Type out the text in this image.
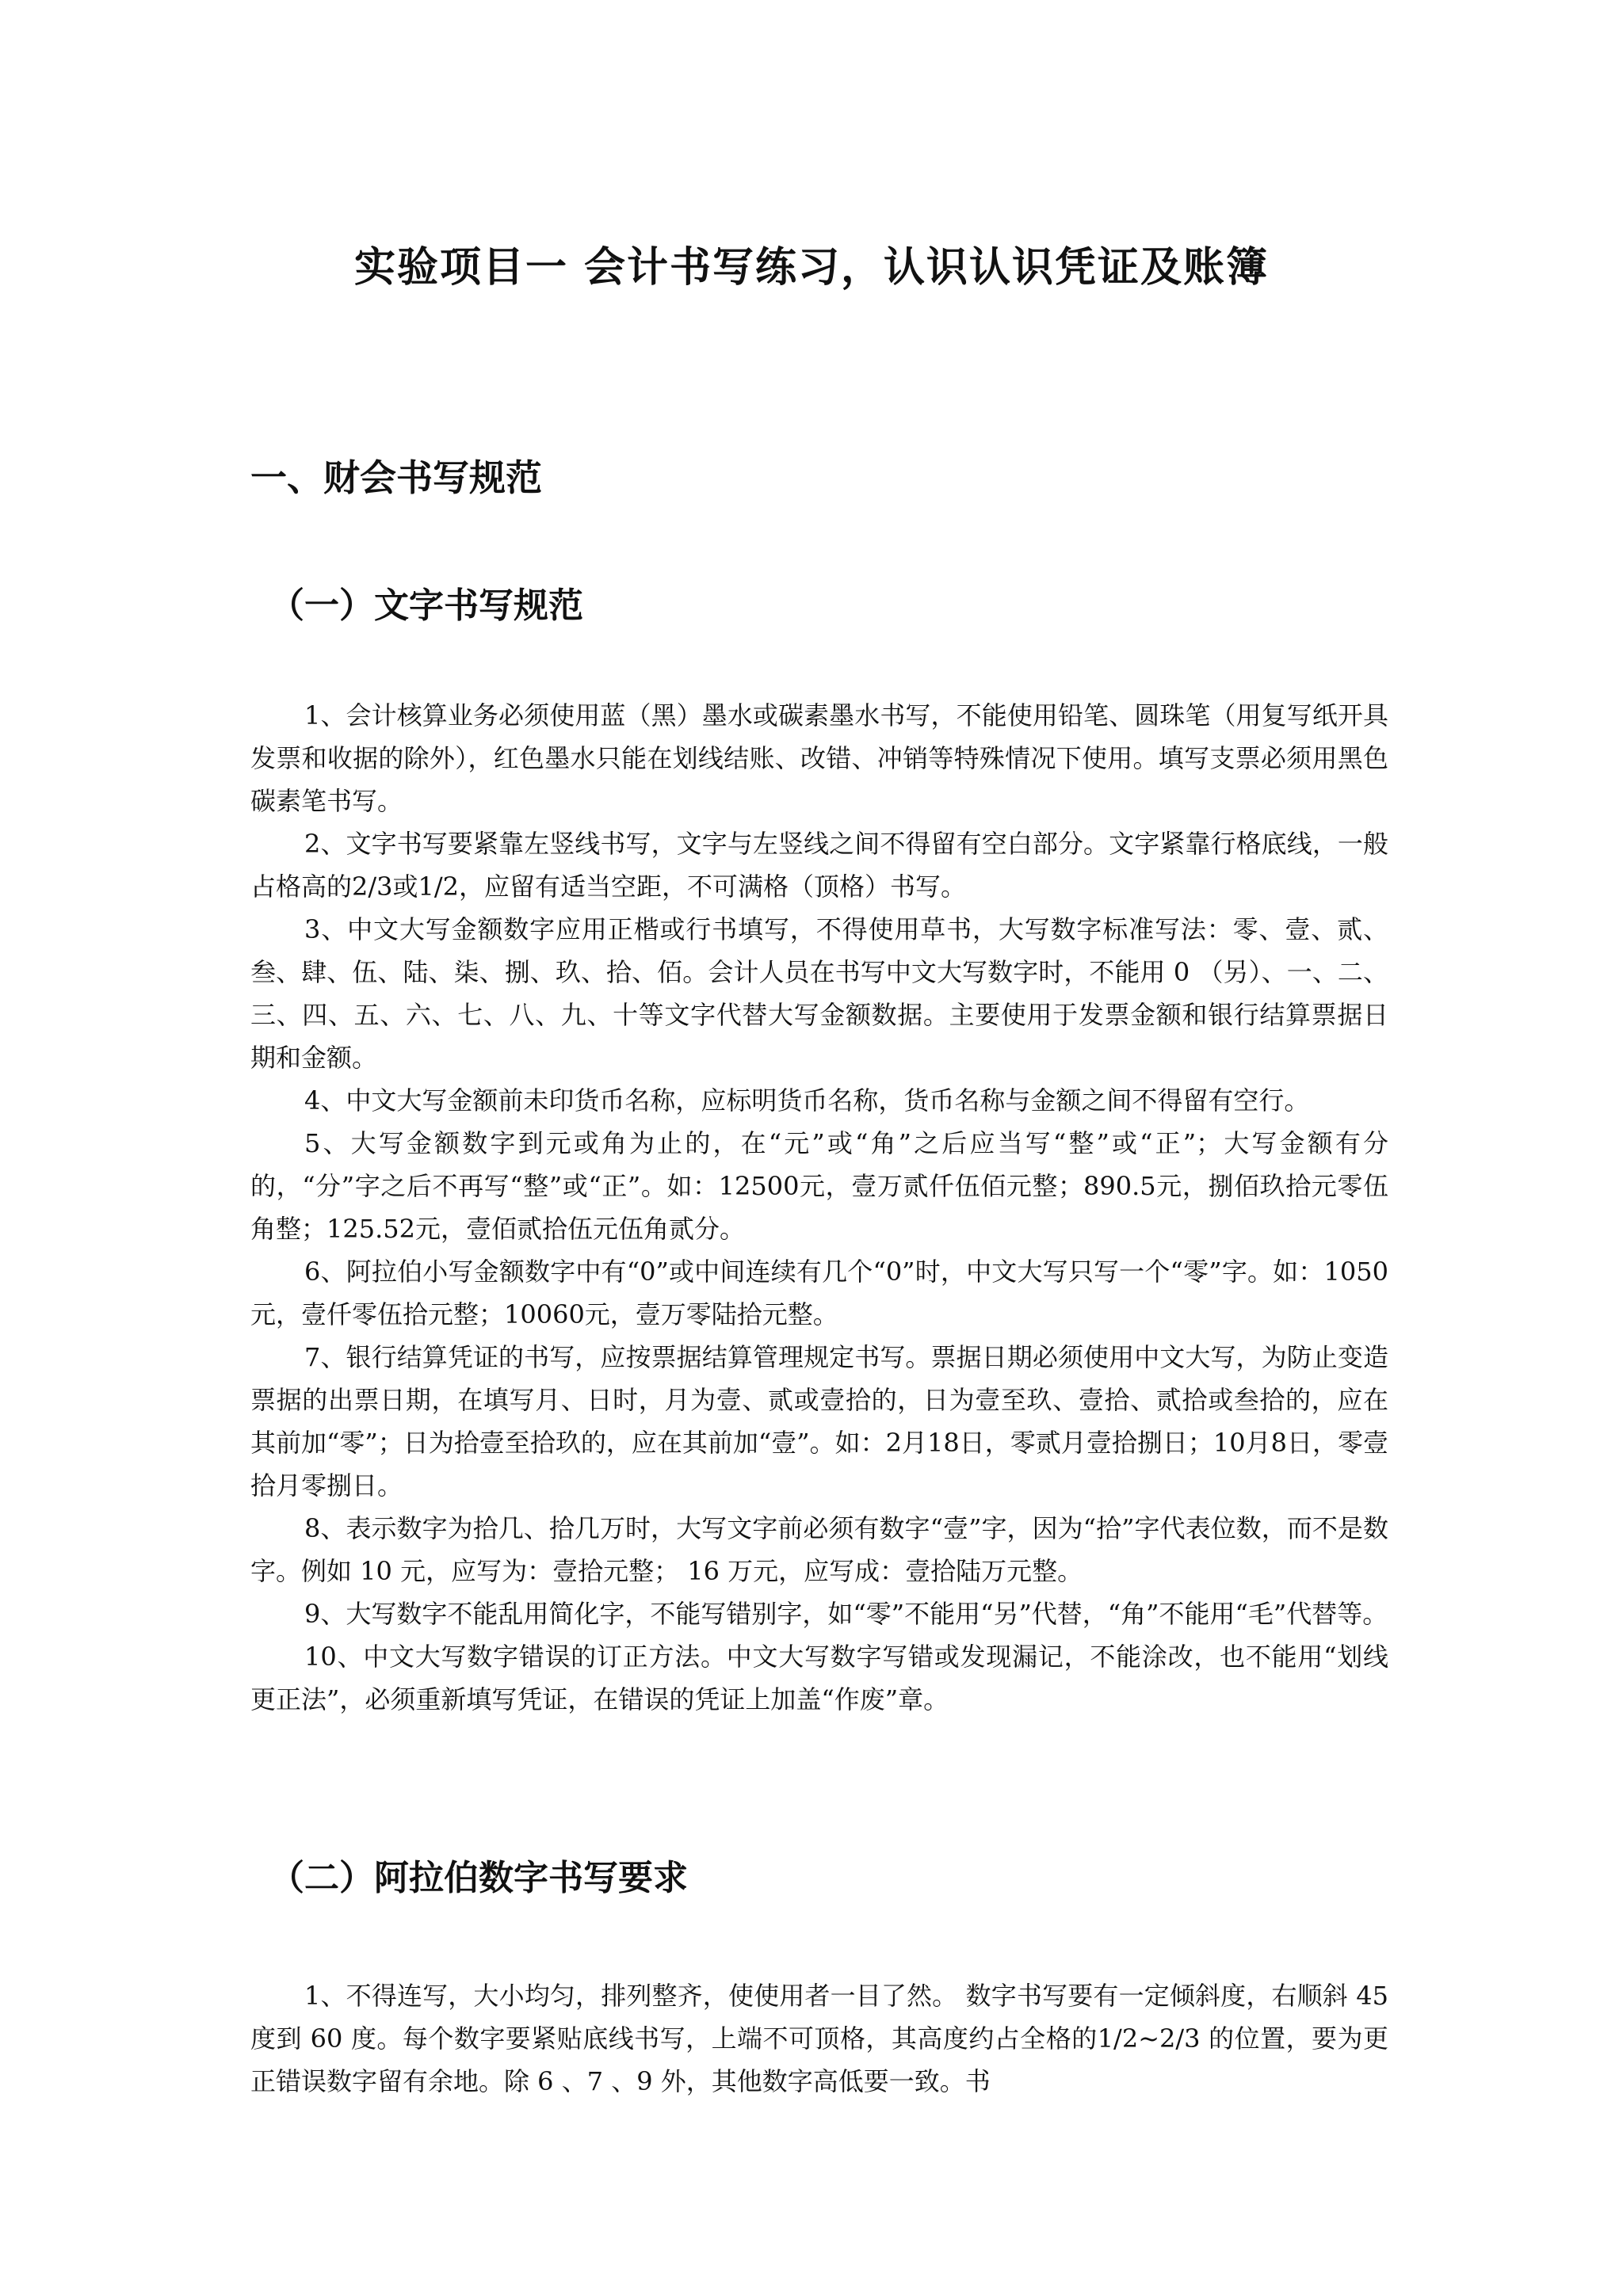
实验项目一 会计书写练习，认识认识凭证及账簿
一、财会书写规范
（一）文字书写规范

1、会计核算业务必须使用蓝（黑）墨水或碳素墨水书写，不能使用铅笔、圆珠笔（用复写纸开具发票和收据的除外），红色墨水只能在划线结账、改错、冲销等特殊情况下使用。填写支票必须用黑色碳素笔书写。

2、文字书写要紧靠左竖线书写，文字与左竖线之间不得留有空白部分。文字紧靠行格底线，一般占格高的2/3或1/2，应留有适当空距，不可满格（顶格）书写。

3、中文大写金额数字应用正楷或行书填写，不得使用草书，大写数字标准写法：零、壹、贰、叁、肆、伍、陆、柒、捌、玖、拾、佰。会计人员在书写中文大写数字时，不能用 0 （另）、一、二、三、四、五、六、七、八、九、十等文字代替大写金额数据。主要使用于发票金额和银行结算票据日期和金额。

4、中文大写金额前未印货币名称，应标明货币名称，货币名称与金额之间不得留有空行。

5、大写金额数字到元或角为止的，在“元”或“角”之后应当写“整”或“正”；大写金额有分的，“分”字之后不再写“整”或“正”。如：12500元，壹万贰仟伍佰元整；890.5元，捌佰玖拾元零伍角整；125.52元，壹佰贰拾伍元伍角贰分。

6、阿拉伯小写金额数字中有“0”或中间连续有几个“0”时，中文大写只写一个“零”字。如：1050元，壹仟零伍拾元整；10060元，壹万零陆拾元整。

7、银行结算凭证的书写，应按票据结算管理规定书写。票据日期必须使用中文大写，为防止变造票据的出票日期，在填写月、日时，月为壹、贰或壹拾的，日为壹至玖、壹拾、贰拾或叁拾的，应在其前加“零”；日为拾壹至拾玖的，应在其前加“壹”。如：2月18日，零贰月壹拾捌日；10月8日，零壹拾月零捌日。

8、表示数字为拾几、拾几万时，大写文字前必须有数字“壹”字，因为“拾”字代表位数，而不是数字。例如 10 元，应写为：壹拾元整； 16 万元，应写成：壹拾陆万元整。

9、大写数字不能乱用简化字，不能写错别字，如“零”不能用“另”代替，“角”不能用“毛”代替等。

10、中文大写数字错误的订正方法。中文大写数字写错或发现漏记，不能涂改，也不能用“划线更正法”，必须重新填写凭证，在错误的凭证上加盖“作废”章。

（二）阿拉伯数字书写要求

1、不得连写，大小均匀，排列整齐，使使用者一目了然。 数字书写要有一定倾斜度，右顺斜 45 度到 60 度。每个数字要紧贴底线书写，上端不可顶格，其高度约占全格的1/2~2/3 的位置，要为更正错误数字留有余地。除 6 、7 、9 外，其他数字高低要一致。书
